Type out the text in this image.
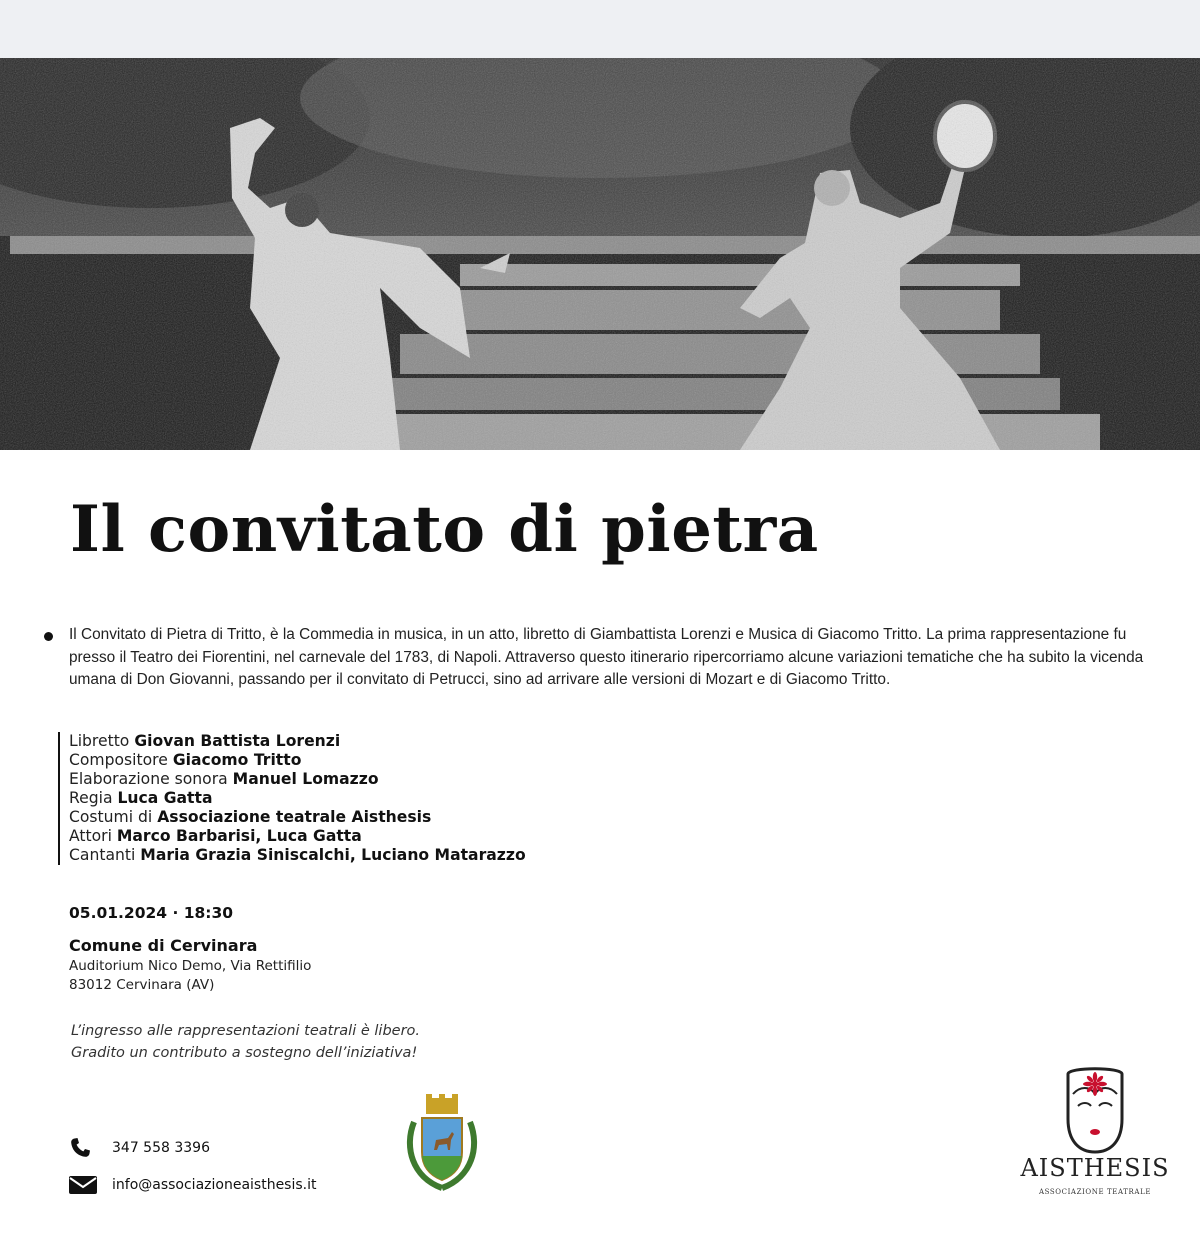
Il convitato di pietra

Il Convitato di Pietra di Tritto, è la Commedia in musica, in un atto, libretto di Giambattista Lorenzi e Musica di Giacomo Tritto. La prima rappresentazione fu presso il Teatro dei Fiorentini, nel carnevale del 1783, di Napoli. Attraverso questo itinerario ripercorriamo alcune variazioni tematiche che ha subito la vicenda umana di Don Giovanni, passando per il convitato di Petrucci, sino ad arrivare alle versioni di Mozart e di Giacomo Tritto.

Libretto Giovan Battista Lorenzi
Compositore Giacomo Tritto
Elaborazione sonora Manuel Lomazzo
Regia Luca Gatta
Costumi di Associazione teatrale Aisthesis
Attori Marco Barbarisi, Luca Gatta
Cantanti Maria Grazia Siniscalchi, Luciano Matarazzo
05.01.2024 · 18:30
Comune di Cervinara
Auditorium Nico Demo, Via Rettifilio
83012 Cervinara (AV)
L’ingresso alle rappresentazioni teatrali è libero.
Gradito un contributo a sostegno dell’iniziativa!
347 558 3396
info@associazioneaisthesis.it
AISTHESIS
ASSOCIAZIONE TEATRALE
